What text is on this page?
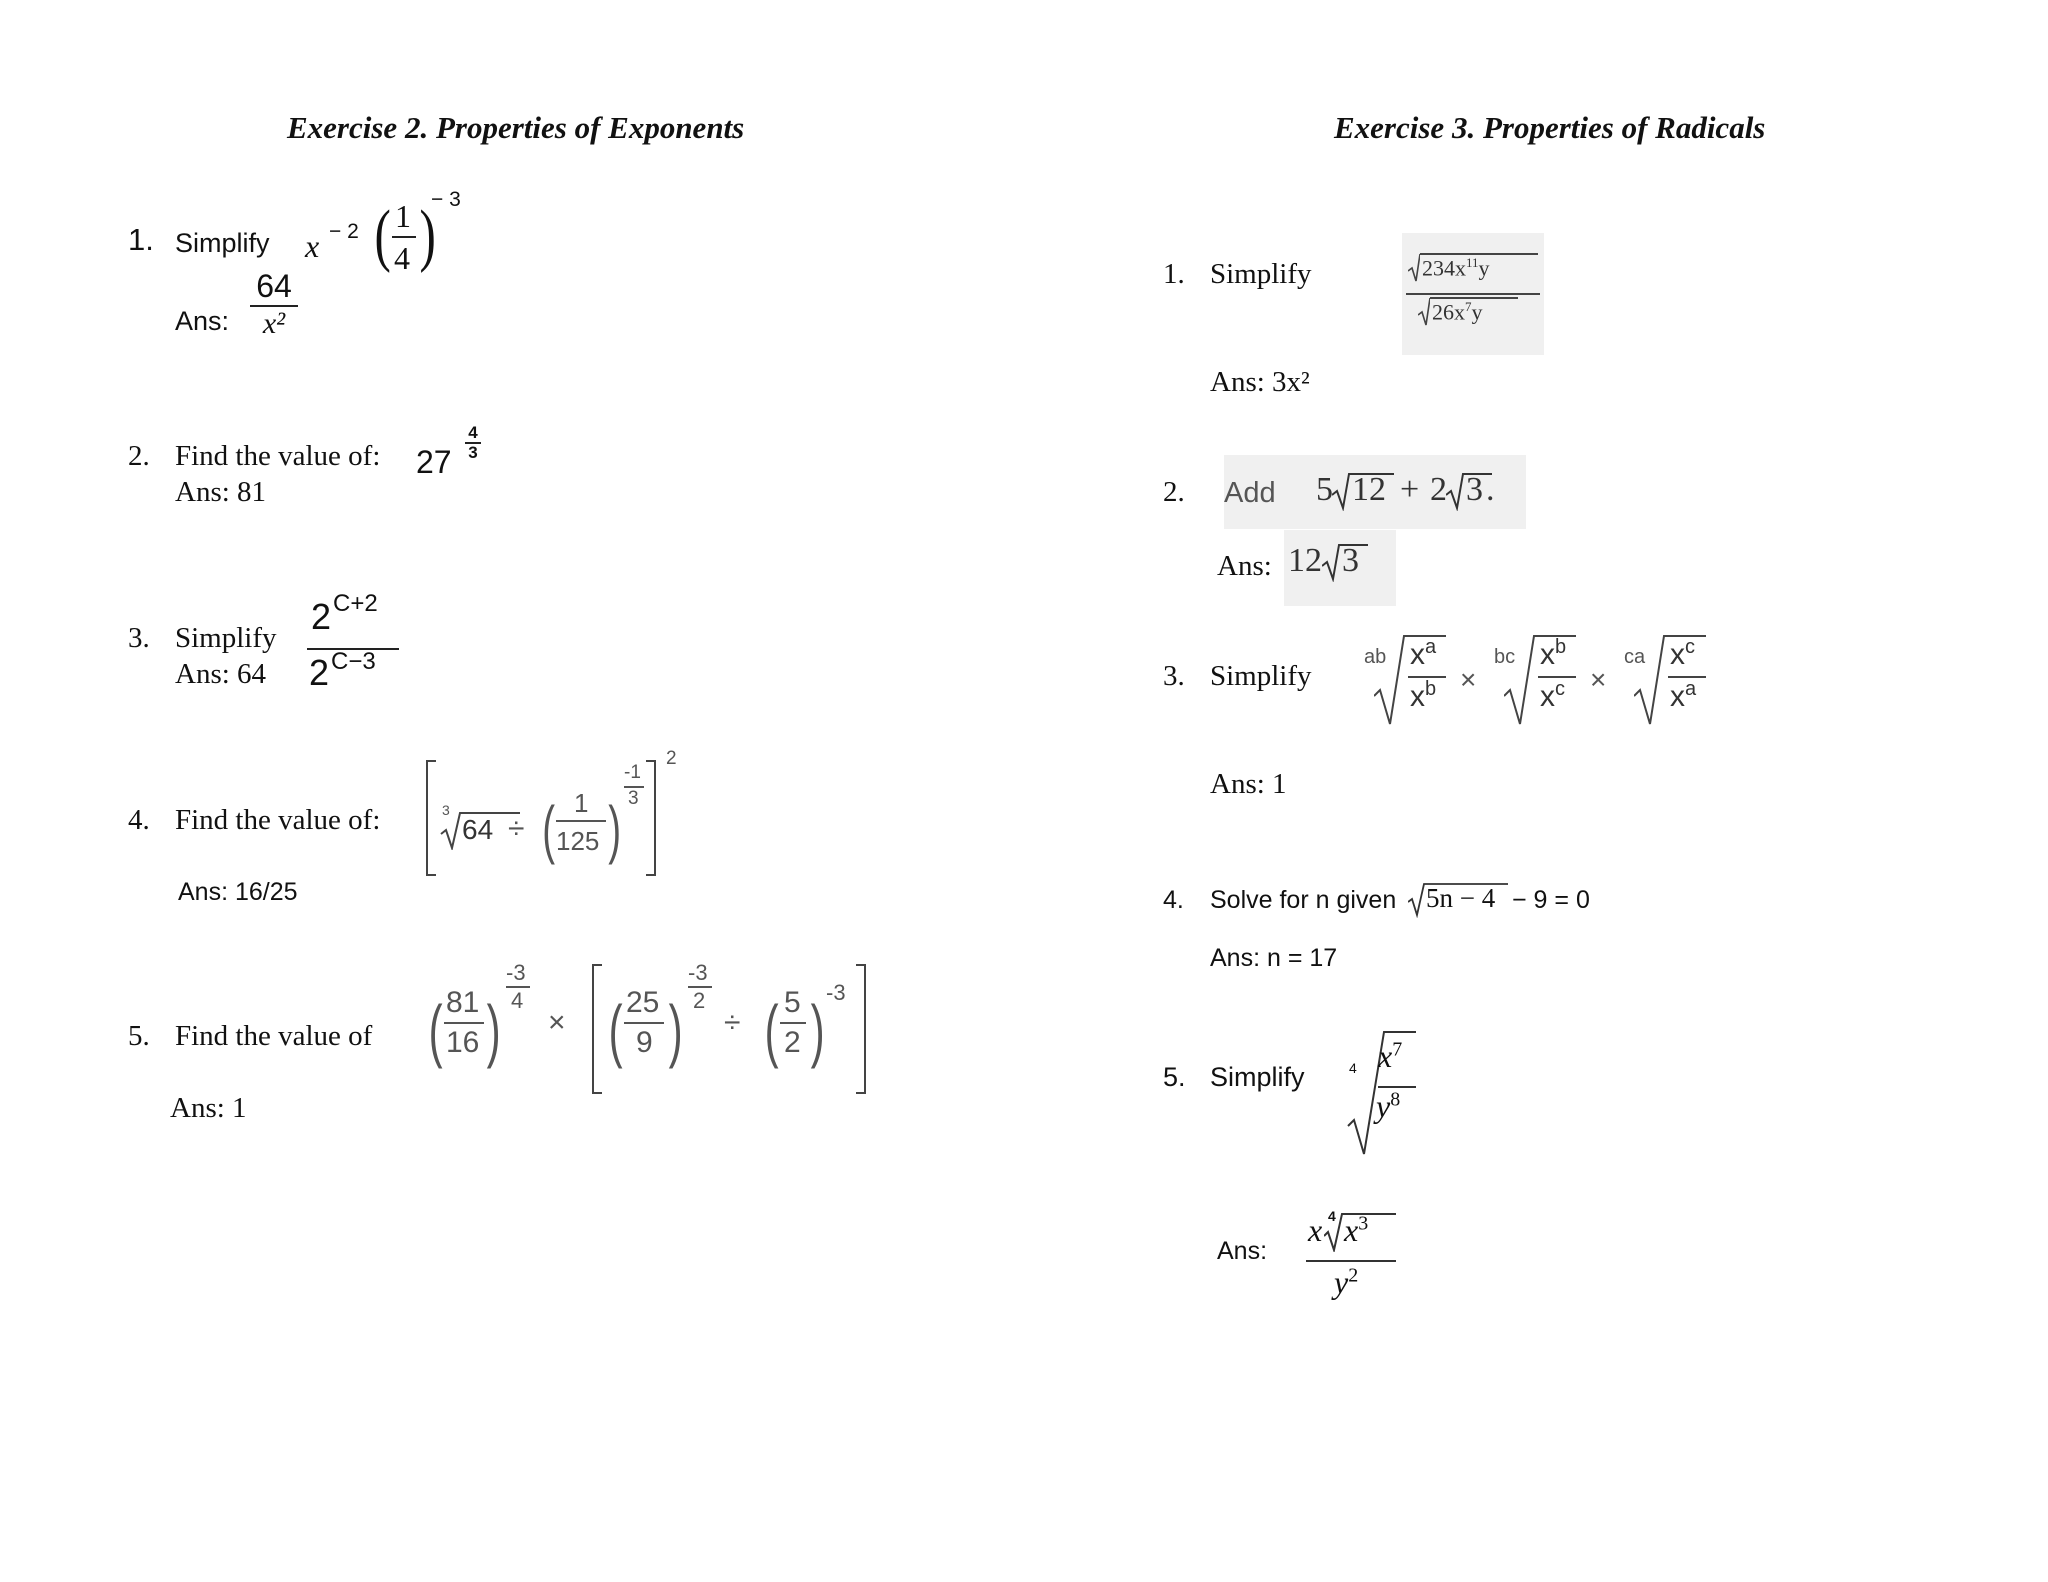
Exercise 2. Properties of Exponents
1. Simplify x − 2 ( 1
4 )
− 3
Ans: $\frac{64}{\text{x²}}$
2. Find the value of: $27 \frac{4}{3}$
Ans: 81
3. Simplify
2 C+2
2 C−3
Ans: 64
4. Find the value of:	3
64 ÷ ( 1
125 )
-1
3
2
Ans: 16/25
5. Find the value of ( 81
16 )
-3
4
× ( 25
9 )
-3
2
÷ ( 5
2 ) -3
Ans: 1
Exercise 3. Properties of Radicals
1. Simplify	$234x^{11}y$
$26x^7y$
Ans: 3x²
2. Add 5 12 + 2 3 .
Ans: 12 3
3. Simplify
ab $x^a$
$x^b$ ×
bc $x^b$
$x^c$ ×
ca $x^c$
$x^a$
Ans: 1
4. Solve for n given 5n − 4 − 9 = 0
Ans: n = 17
5. Simplify	4 $x^7$
$y^8$
Ans:
x 4 $x^3$
$y^2$
